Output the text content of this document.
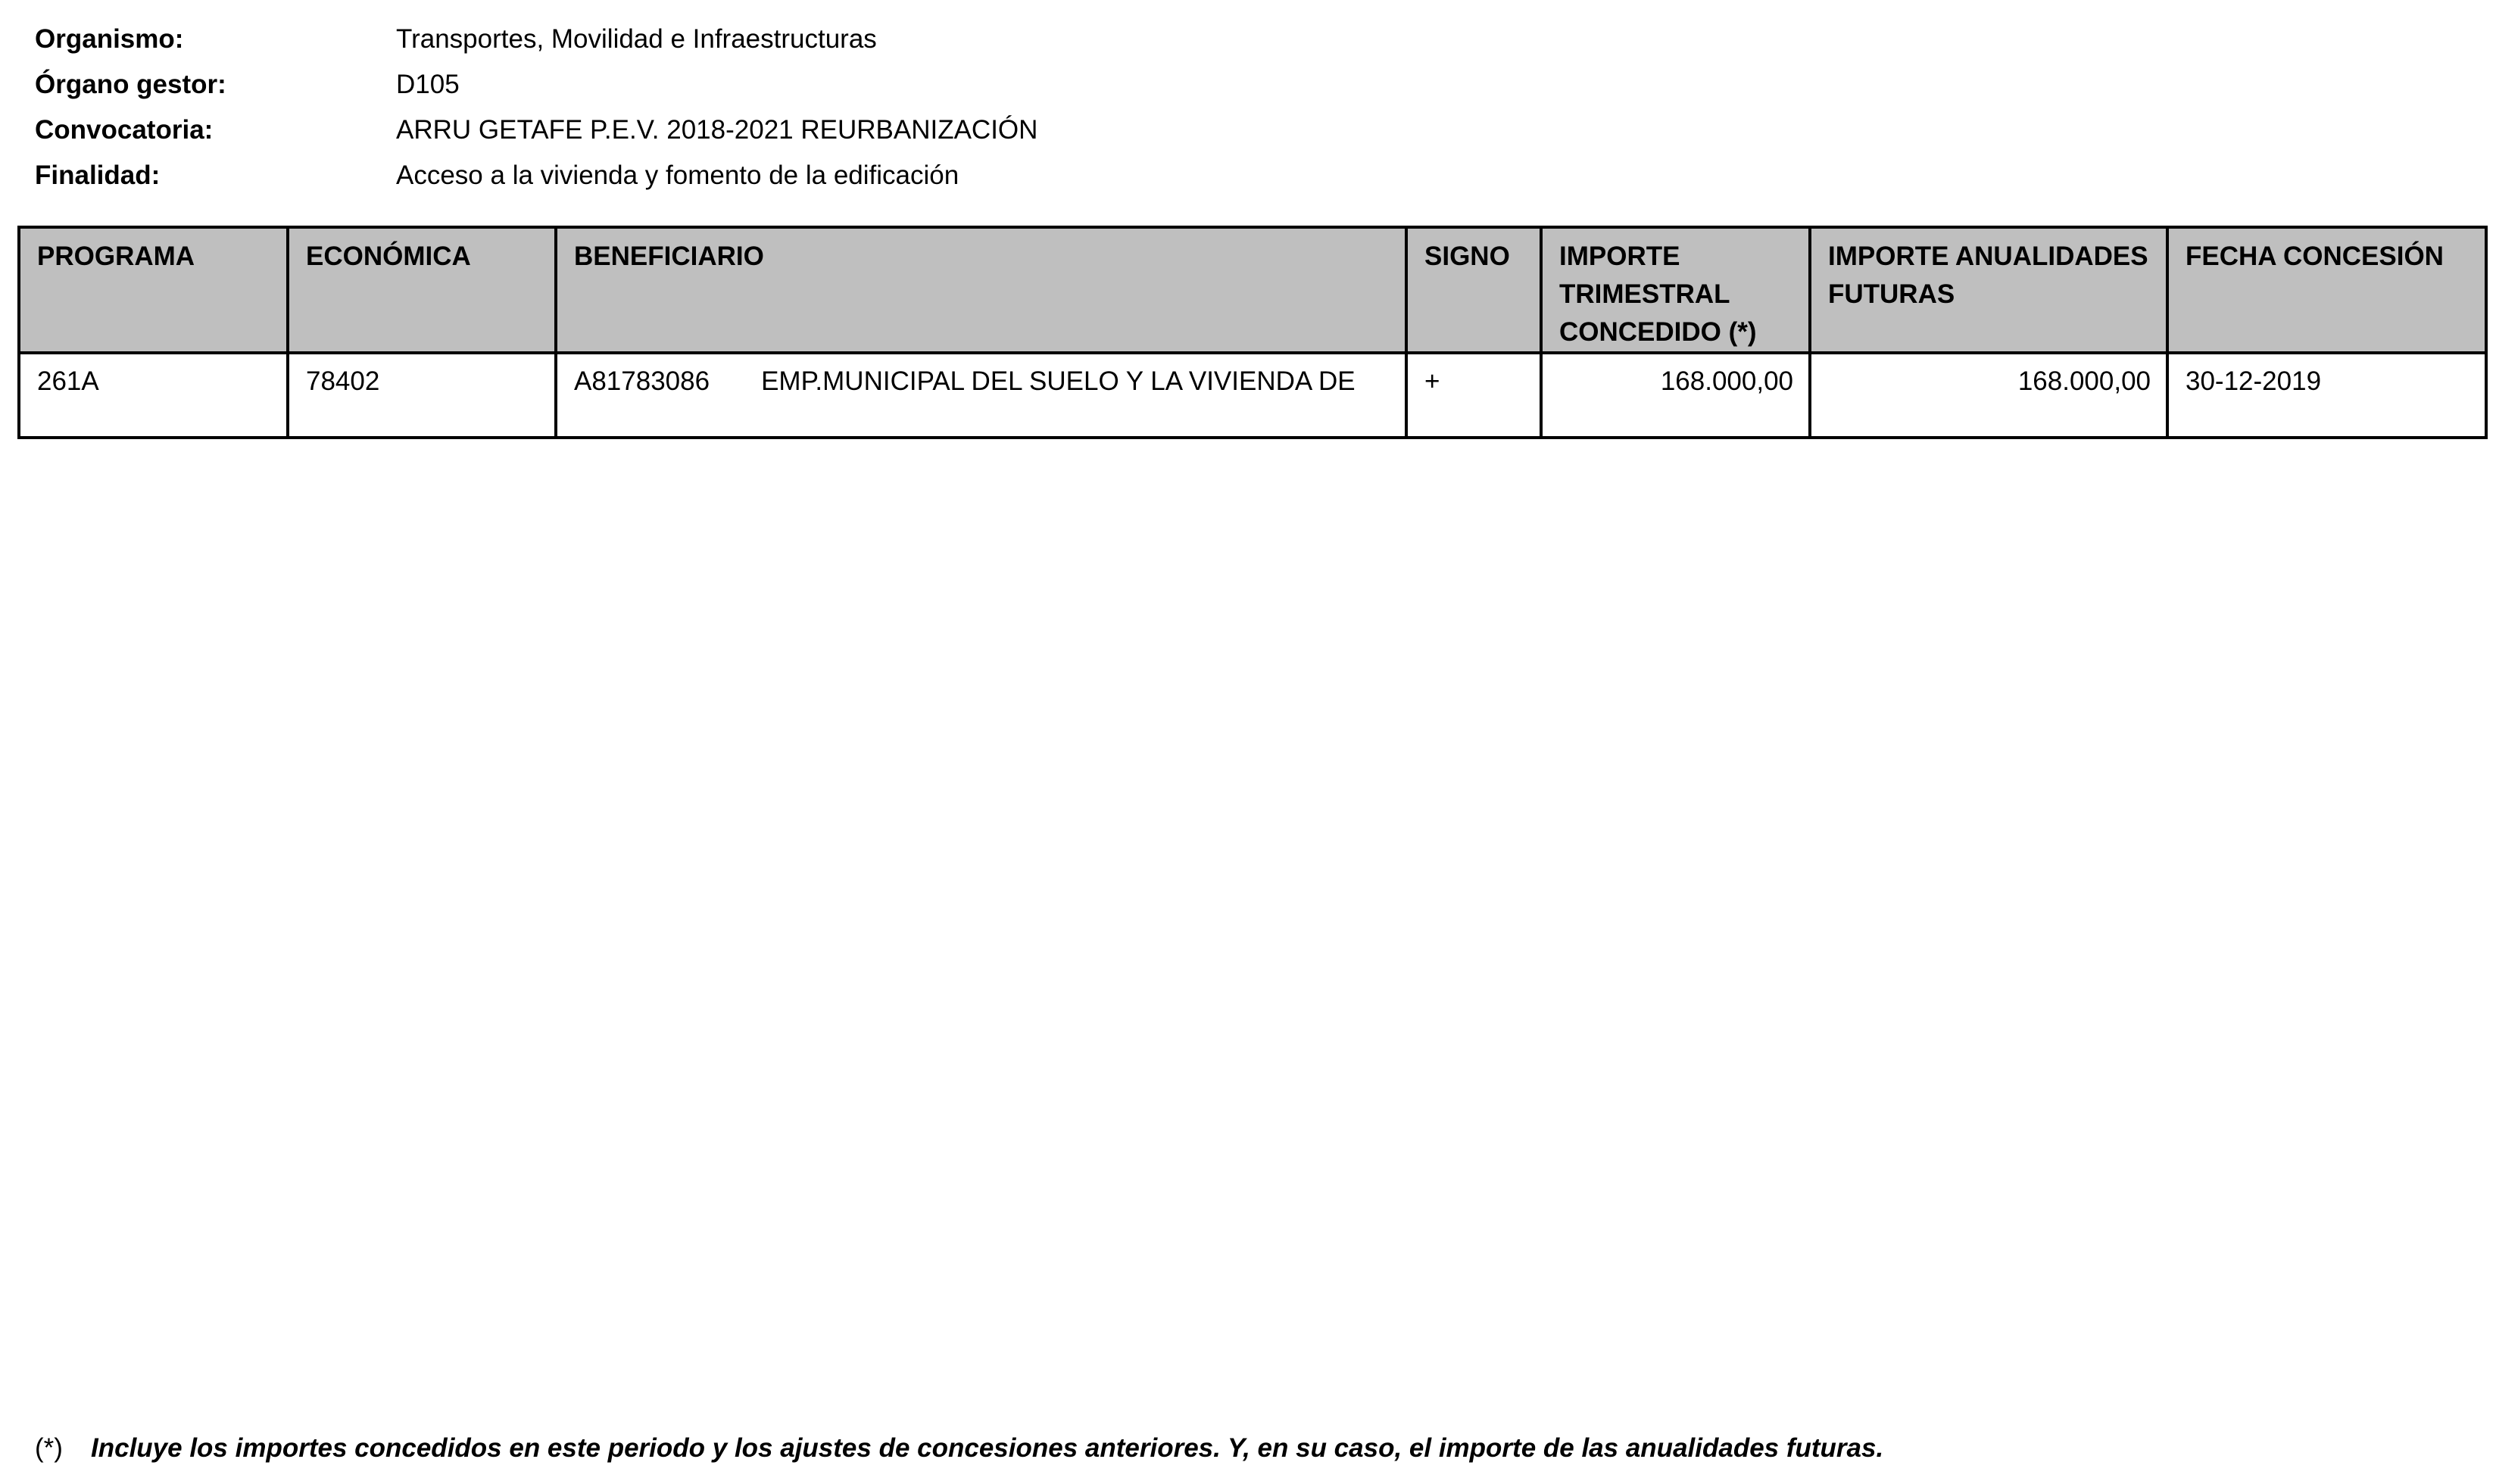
Organismo:	Transportes, Movilidad e Infraestructuras
Órgano gestor:	D105
Convocatoria:	ARRU GETAFE P.E.V. 2018-2021 REURBANIZACIÓN
Finalidad:	Acceso a la vivienda y fomento de la edificación
PROGRAMA	ECONÓMICA	BENEFICIARIO	SIGNO	IMPORTE TRIMESTRAL CONCEDIDO (*)	IMPORTE ANUALIDADES FUTURAS	FECHA CONCESIÓN
261A	78402	A81783086 EMP.MUNICIPAL DEL SUELO Y LA VIVIENDA DE	+	168.000,00	168.000,00	30-12-2019
(*) Incluye los importes concedidos en este periodo y los ajustes de concesiones anteriores. Y, en su caso, el importe de las anualidades futuras.
